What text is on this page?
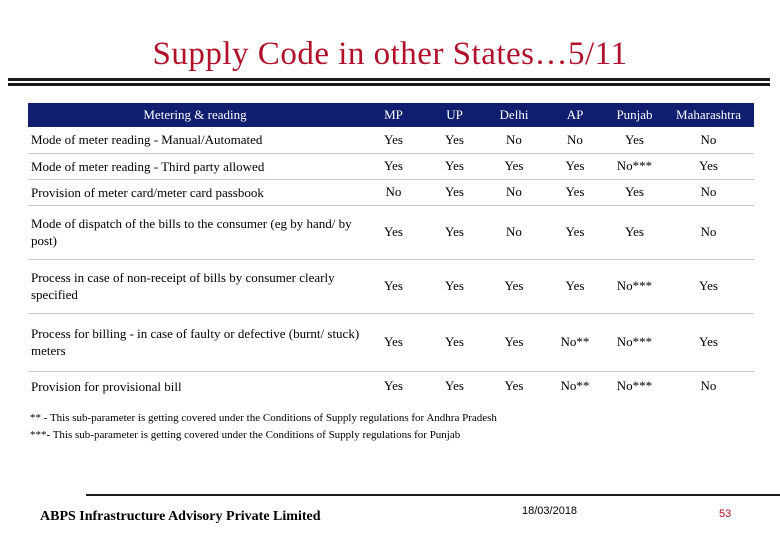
Supply Code in other States…5/11
Metering & reading	MP	UP	Delhi	AP	Punjab	Maharashtra
Mode of meter reading - Manual/Automated	Yes	Yes	No	No	Yes	No
Mode of meter reading - Third party allowed	Yes	Yes	Yes	Yes	No***	Yes
Provision of meter card/meter card passbook	No	Yes	No	Yes	Yes	No
Mode of dispatch of the bills to the consumer (eg by hand/ by post)	Yes	Yes	No	Yes	Yes	No
Process in case of non-receipt of bills by consumer clearly specified	Yes	Yes	Yes	Yes	No***	Yes
Process for billing - in case of faulty or defective (burnt/ stuck) meters	Yes	Yes	Yes	No**	No***	Yes
Provision for provisional bill	Yes	Yes	Yes	No**	No***	No
** - This sub-parameter is getting covered under the Conditions of Supply regulations for Andhra Pradesh
***- This sub-parameter is getting covered under the Conditions of Supply regulations for Punjab
ABPS Infrastructure Advisory Private Limited	18/03/2018	53
